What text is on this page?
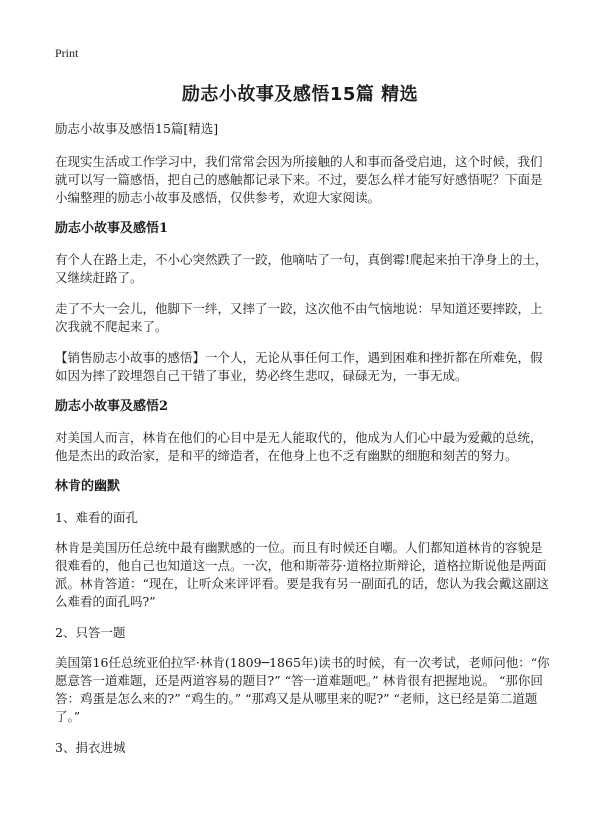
Print
励志小故事及感悟15篇 精选
励志小故事及感悟15篇[精选]

在现实生活或工作学习中，我们常常会因为所接触的人和事而备受启迪，这个时候，我们就可以写一篇感悟，把自己的感触都记录下来。不过，要怎么样才能写好感悟呢？下面是小编整理的励志小故事及感悟，仅供参考，欢迎大家阅读。

励志小故事及感悟1

有个人在路上走，不小心突然跌了一跤，他嘀咕了一句，真倒霉!爬起来拍干净身上的土，又继续赶路了。

走了不大一会儿，他脚下一绊，又摔了一跤，这次他不由气恼地说：早知道还要摔跤，上次我就不爬起来了。

【销售励志小故事的感悟】一个人，无论从事任何工作，遇到困难和挫折都在所难免，假如因为摔了跤埋怨自己干错了事业，势必终生悲叹，碌碌无为，一事无成。

励志小故事及感悟2

对美国人而言，林肯在他们的心目中是无人能取代的，他成为人们心中最为爱戴的总统，他是杰出的政治家，是和平的缔造者，在他身上也不乏有幽默的细胞和刻苦的努力。

林肯的幽默
1、难看的面孔

林肯是美国历任总统中最有幽默感的一位。而且有时候还自嘲。人们都知道林肯的容貌是很难看的，他自己也知道这一点。一次，他和斯蒂芬·道格拉斯辩论，道格拉斯说他是两面派。林肯答道：“现在，让听众来评评看。要是我有另一副面孔的话，您认为我会戴这副这么难看的面孔吗?”

2、只答一题

美国第16任总统亚伯拉罕·林肯(1809─1865年)读书的时候，有一次考试，老师问他：“你愿意答一道难题，还是两道容易的题目?” “答一道难题吧。” 林肯很有把握地说。 “那你回答：鸡蛋是怎么来的?” “鸡生的。” “那鸡又是从哪里来的呢?” “老师，这已经是第二道题了。”

3、捐衣进城
